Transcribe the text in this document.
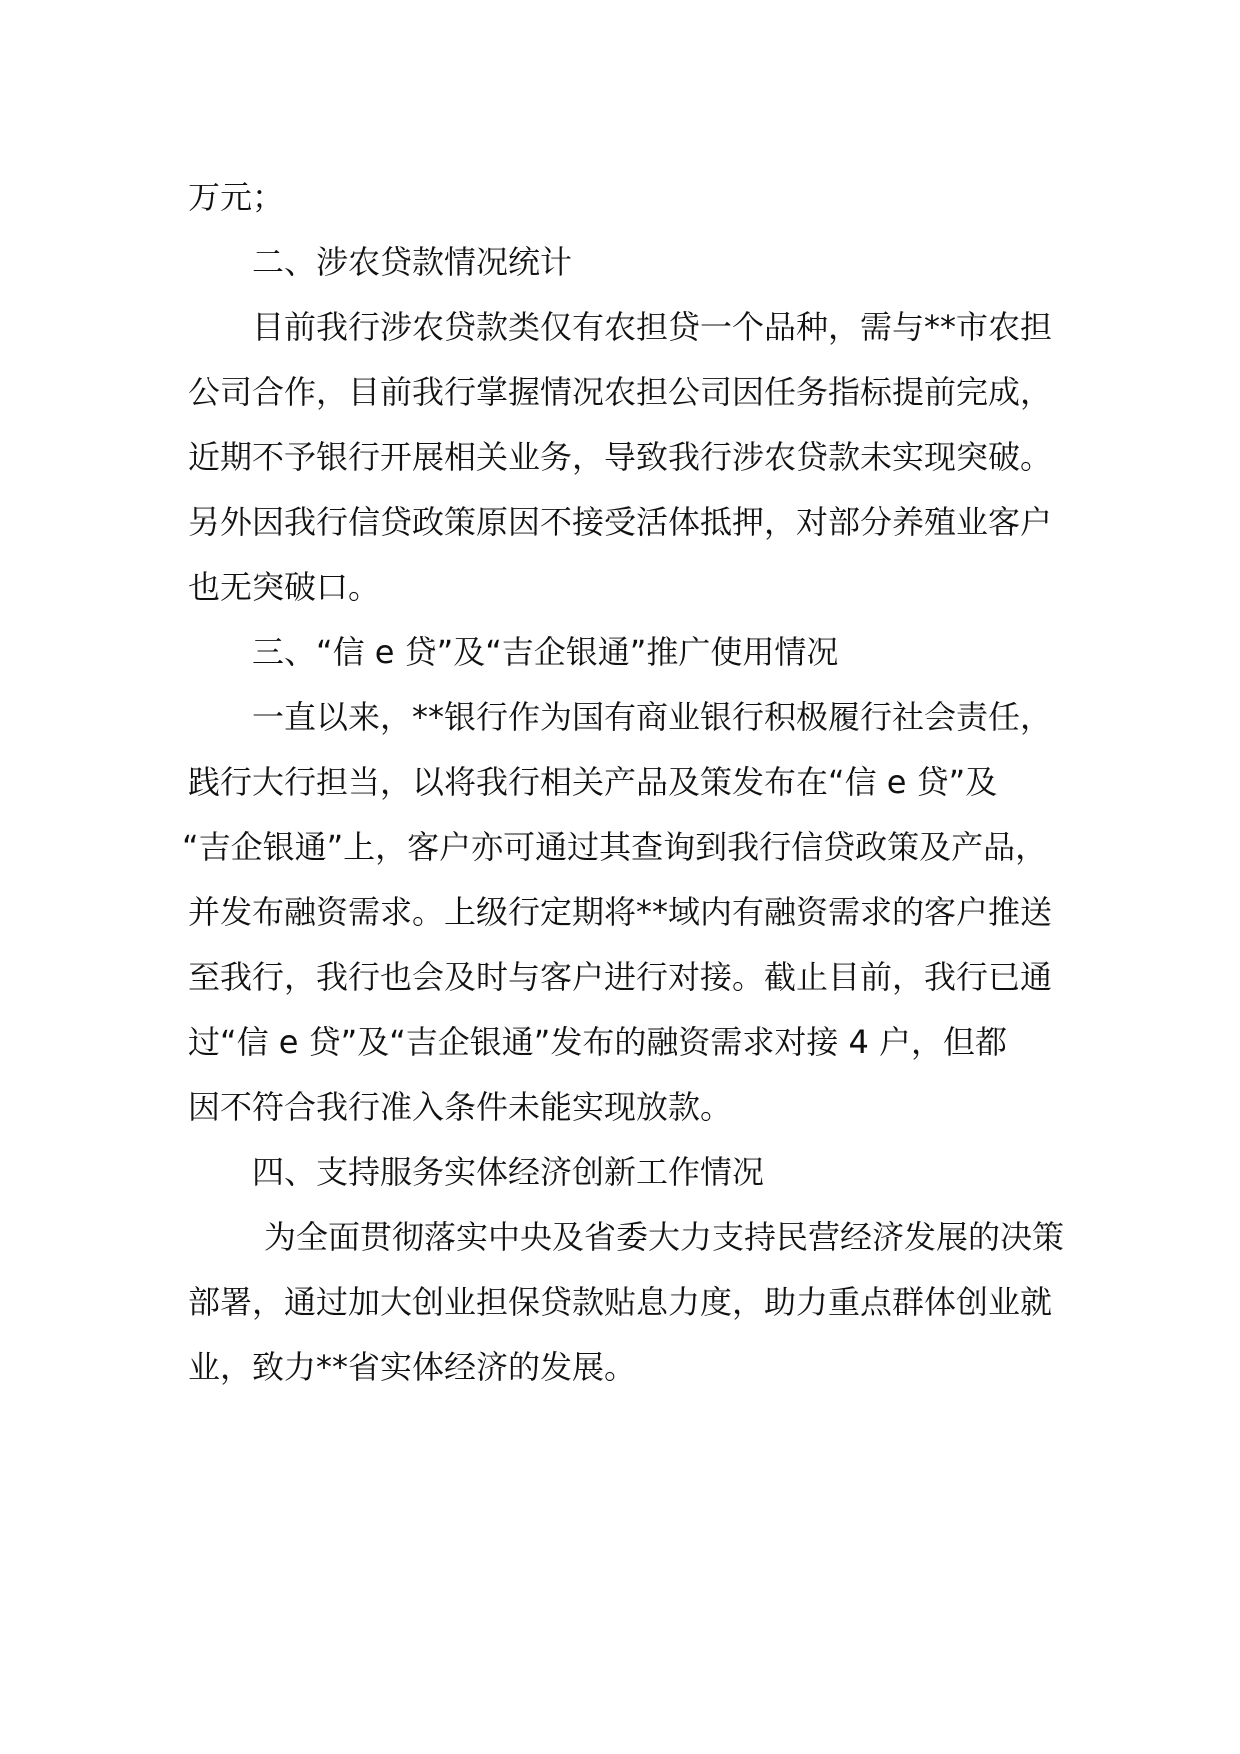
万元；
二、涉农贷款情况统计
目前我行涉农贷款类仅有农担贷一个品种，需与**市农担
公司合作，目前我行掌握情况农担公司因任务指标提前完成，
近期不予银行开展相关业务，导致我行涉农贷款未实现突破。
另外因我行信贷政策原因不接受活体抵押，对部分养殖业客户
也无突破口。
三、“信 e 贷”及“吉企银通”推广使用情况
一直以来，**银行作为国有商业银行积极履行社会责任，
践行大行担当，以将我行相关产品及策发布在“信 e 贷”及
“吉企银通”上，客户亦可通过其查询到我行信贷政策及产品，
并发布融资需求。上级行定期将**域内有融资需求的客户推送
至我行，我行也会及时与客户进行对接。截止目前，我行已通
过“信 e 贷”及“吉企银通”发布的融资需求对接 4 户，但都
因不符合我行准入条件未能实现放款。
四、支持服务实体经济创新工作情况
为全面贯彻落实中央及省委大力支持民营经济发展的决策
部署，通过加大创业担保贷款贴息力度，助力重点群体创业就
业，致力**省实体经济的发展。
